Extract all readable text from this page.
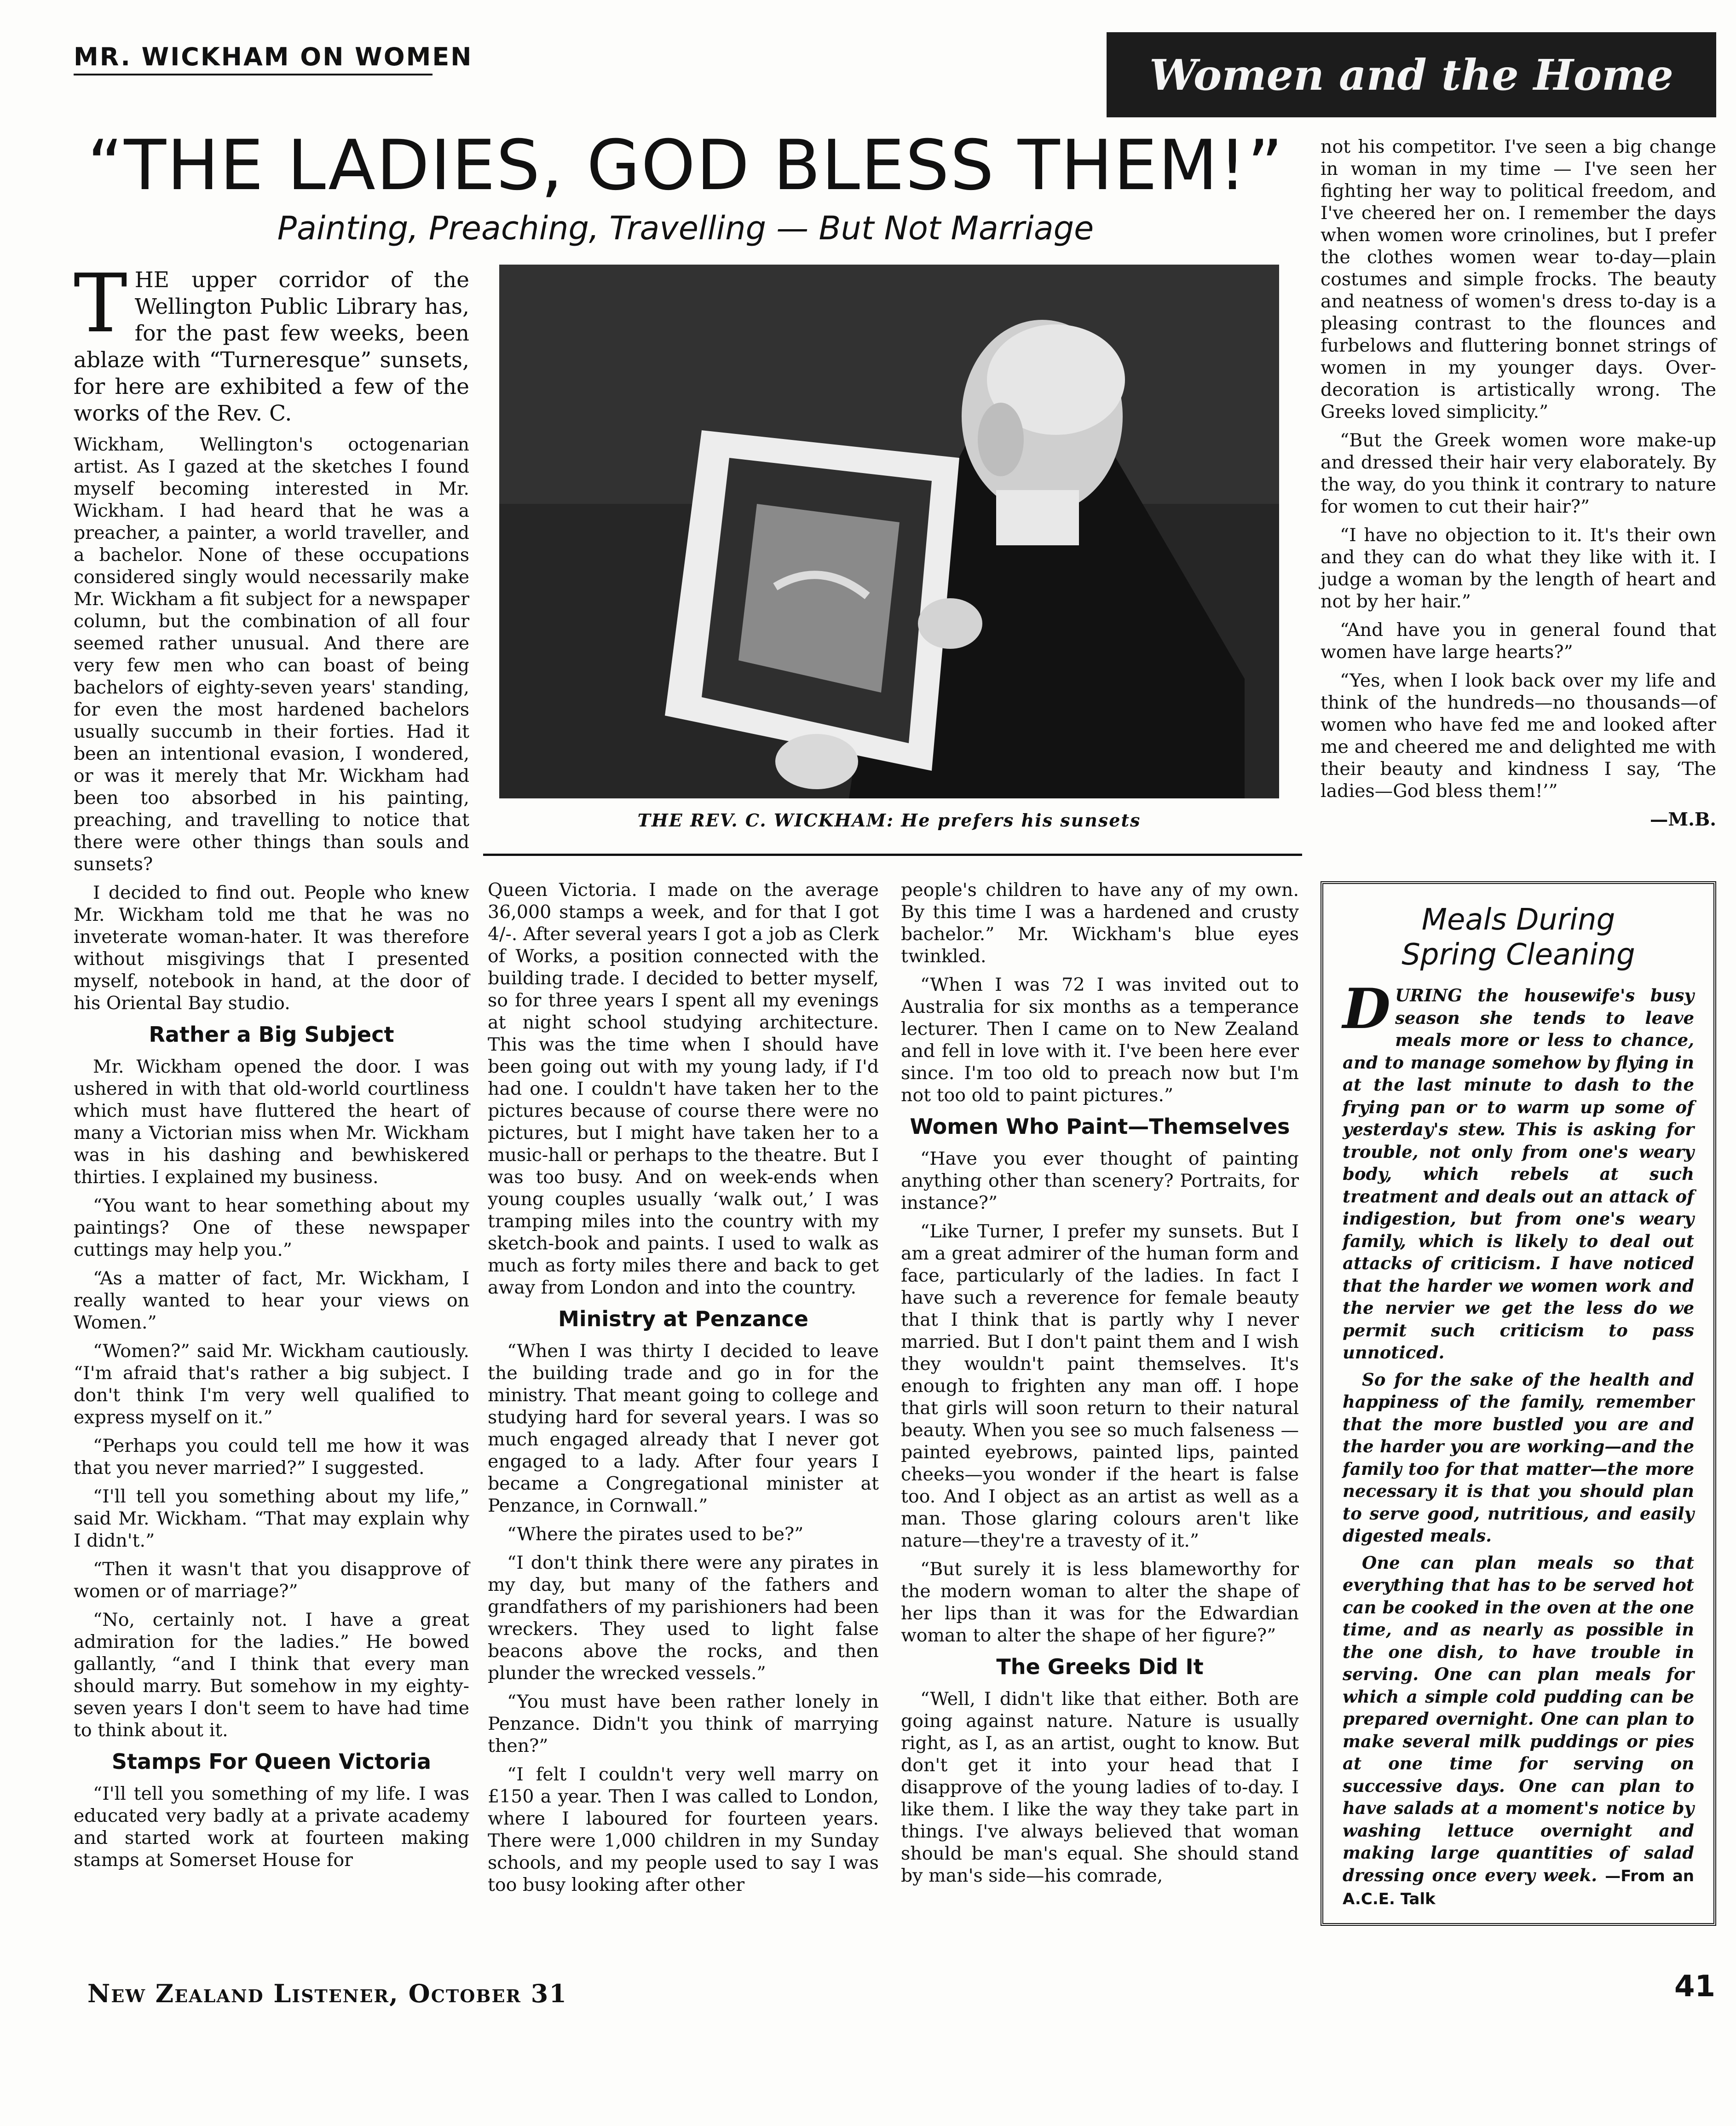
MR. WICKHAM ON WOMEN	Women and the Home
“THE LADIES, GOD BLESS THEM!”
Painting, Preaching, Travelling — But Not Marriage
THE REV. C. WICKHAM: He prefers his sunsets

THE upper corridor of the Wellington Public Library has, for the past few weeks, been ablaze with “Turneresque” sunsets, for here are exhibited a few of the works of the Rev. C.

Wickham, Wellington's octogenarian artist. As I gazed at the sketches I found myself becoming interested in Mr. Wickham. I had heard that he was a preacher, a painter, a world traveller, and a bachelor. None of these occupations considered singly would necessarily make Mr. Wickham a fit subject for a newspaper column, but the combination of all four seemed rather unusual. And there are very few men who can boast of being bachelors of eighty-seven years' standing, for even the most hardened bachelors usually succumb in their forties. Had it been an intentional evasion, I wondered, or was it merely that Mr. Wickham had been too absorbed in his painting, preaching, and travelling to notice that there were other things than souls and sunsets?

I decided to find out. People who knew Mr. Wickham told me that he was no inveterate woman-hater. It was therefore without misgivings that I presented myself, notebook in hand, at the door of his Oriental Bay studio.

Rather a Big Subject

Mr. Wickham opened the door. I was ushered in with that old-world courtliness which must have fluttered the heart of many a Victorian miss when Mr. Wickham was in his dashing and bewhiskered thirties. I explained my business.

“You want to hear something about my paintings? One of these newspaper cuttings may help you.”

“As a matter of fact, Mr. Wickham, I really wanted to hear your views on Women.”

“Women?” said Mr. Wickham cautiously. “I'm afraid that's rather a big subject. I don't think I'm very well qualified to express myself on it.”

“Perhaps you could tell me how it was that you never married?” I suggested.

“I'll tell you something about my life,” said Mr. Wickham. “That may explain why I didn't.”

“Then it wasn't that you disapprove of women or of marriage?”

“No, certainly not. I have a great admiration for the ladies.” He bowed gallantly, “and I think that every man should marry. But somehow in my eighty-seven years I don't seem to have had time to think about it.

Stamps For Queen Victoria

“I'll tell you something of my life. I was educated very badly at a private academy and started work at fourteen making stamps at Somerset House for

Queen Victoria. I made on the average 36,000 stamps a week, and for that I got 4/-. After several years I got a job as Clerk of Works, a position connected with the building trade. I decided to better myself, so for three years I spent all my evenings at night school studying architecture. This was the time when I should have been going out with my young lady, if I'd had one. I couldn't have taken her to the pictures because of course there were no pictures, but I might have taken her to a music-hall or perhaps to the theatre. But I was too busy. And on week-ends when young couples usually ‘walk out,’ I was tramping miles into the country with my sketch-book and paints. I used to walk as much as forty miles there and back to get away from London and into the country.

Ministry at Penzance

“When I was thirty I decided to leave the building trade and go in for the ministry. That meant going to college and studying hard for several years. I was so much engaged already that I never got engaged to a lady. After four years I became a Congregational minister at Penzance, in Cornwall.”

“Where the pirates used to be?”

“I don't think there were any pirates in my day, but many of the fathers and grandfathers of my parishioners had been wreckers. They used to light false beacons above the rocks, and then plunder the wrecked vessels.”

“You must have been rather lonely in Penzance. Didn't you think of marrying then?”

“I felt I couldn't very well marry on £150 a year. Then I was called to London, where I laboured for fourteen years. There were 1,000 children in my Sunday schools, and my people used to say I was too busy looking after other

people's children to have any of my own. By this time I was a hardened and crusty bachelor.” Mr. Wickham's blue eyes twinkled.

“When I was 72 I was invited out to Australia for six months as a temperance lecturer. Then I came on to New Zealand and fell in love with it. I've been here ever since. I'm too old to preach now but I'm not too old to paint pictures.”

Women Who Paint—Themselves

“Have you ever thought of painting anything other than scenery? Portraits, for instance?”

“Like Turner, I prefer my sunsets. But I am a great admirer of the human form and face, particularly of the ladies. In fact I have such a reverence for female beauty that I think that is partly why I never married. But I don't paint them and I wish they wouldn't paint themselves. It's enough to frighten any man off. I hope that girls will soon return to their natural beauty. When you see so much falseness — painted eyebrows, painted lips, painted cheeks—you wonder if the heart is false too. And I object as an artist as well as a man. Those glaring colours aren't like nature—they're a travesty of it.”

“But surely it is less blameworthy for the modern woman to alter the shape of her lips than it was for the Edwardian woman to alter the shape of her figure?”

The Greeks Did It

“Well, I didn't like that either. Both are going against nature. Nature is usually right, as I, as an artist, ought to know. But don't get it into your head that I disapprove of the young ladies of to-day. I like them. I like the way they take part in things. I've always believed that woman should be man's equal. She should stand by man's side—his comrade,

not his competitor. I've seen a big change in woman in my time — I've seen her fighting her way to political freedom, and I've cheered her on. I remember the days when women wore crinolines, but I prefer the clothes women wear to-day—plain costumes and simple frocks. The beauty and neatness of women's dress to-day is a pleasing contrast to the flounces and furbelows and fluttering bonnet strings of women in my younger days. Over-decoration is artistically wrong. The Greeks loved simplicity.”

“But the Greek women wore make-up and dressed their hair very elaborately. By the way, do you think it contrary to nature for women to cut their hair?”

“I have no objection to it. It's their own and they can do what they like with it. I judge a woman by the length of heart and not by her hair.”

“And have you in general found that women have large hearts?”

“Yes, when I look back over my life and think of the hundreds—no thousands—of women who have fed me and looked after me and cheered me and delighted me with their beauty and kindness I say, ‘The ladies—God bless them!’”

—M.B.
Meals During
Spring Cleaning

DURING the housewife's busy season she tends to leave meals more or less to chance, and to manage somehow by flying in at the last minute to dash to the frying pan or to warm up some of yesterday's stew. This is asking for trouble, not only from one's weary body, which rebels at such treatment and deals out an attack of indigestion, but from one's weary family, which is likely to deal out attacks of criticism. I have noticed that the harder we women work and the nervier we get the less do we permit such criticism to pass unnoticed.

So for the sake of the health and happiness of the family, remember that the more bustled you are and the harder you are working—and the family too for that matter—the more necessary it is that you should plan to serve good, nutritious, and easily digested meals.

One can plan meals so that everything that has to be served hot can be cooked in the oven at the one time, and as nearly as possible in the one dish, to have trouble in serving. One can plan meals for which a simple cold pudding can be prepared overnight. One can plan to make several milk puddings or pies at one time for serving on successive days. One can plan to have salads at a moment's notice by washing lettuce overnight and making large quantities of salad dressing once every week. —From an A.C.E. Talk

New Zealand Listener, October 31	41
